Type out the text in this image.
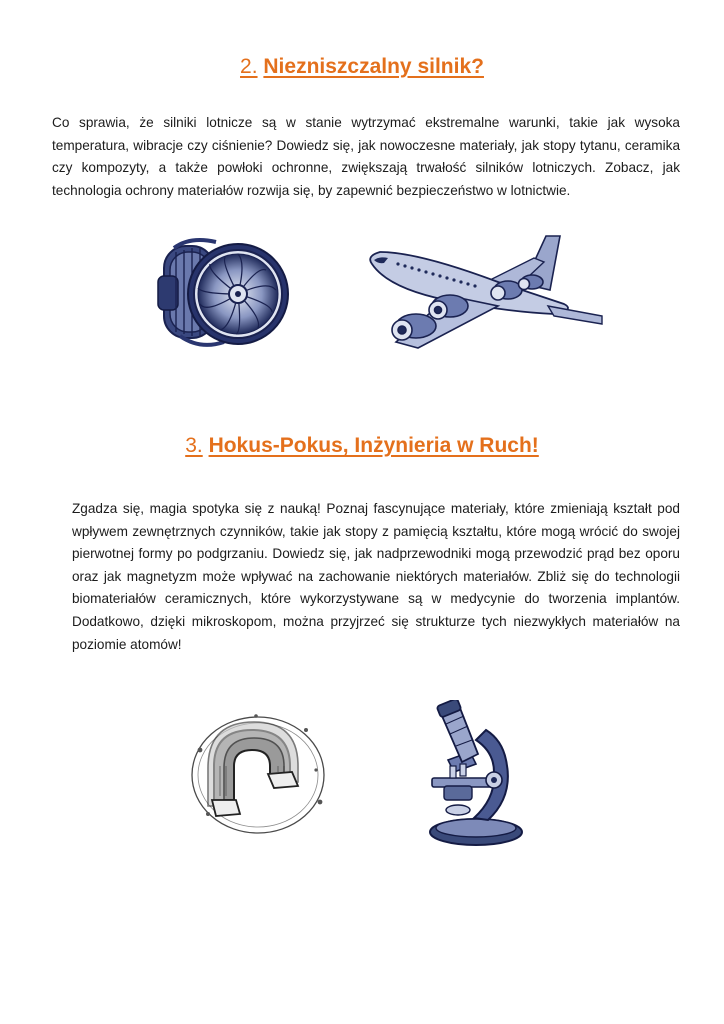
2. Niezniszczalny silnik?

Co sprawia, że silniki lotnicze są w stanie wytrzymać ekstremalne warunki, takie jak wysoka temperatura, wibracje czy ciśnienie? Dowiedz się, jak nowoczesne materiały, jak stopy tytanu, ceramika czy kompozyty, a także powłoki ochronne, zwiększają trwałość silników lotniczych. Zobacz, jak technologia ochrony materiałów rozwija się, by zapewnić bezpieczeństwo w lotnictwie.

3. Hokus-Pokus, Inżynieria w Ruch!

Zgadza się, magia spotyka się z nauką! Poznaj fascynujące materiały, które zmieniają kształt pod wpływem zewnętrznych czynników, takie jak stopy z pamięcią kształtu, które mogą wrócić do swojej pierwotnej formy po podgrzaniu. Dowiedz się, jak nadprzewodniki mogą przewodzić prąd bez oporu oraz jak magnetyzm może wpływać na zachowanie niektórych materiałów. Zbliż się do technologii biomateriałów ceramicznych, które wykorzystywane są w medycynie do tworzenia implantów. Dodatkowo, dzięki mikroskopom, można przyjrzeć się strukturze tych niezwykłych materiałów na poziomie atomów!
